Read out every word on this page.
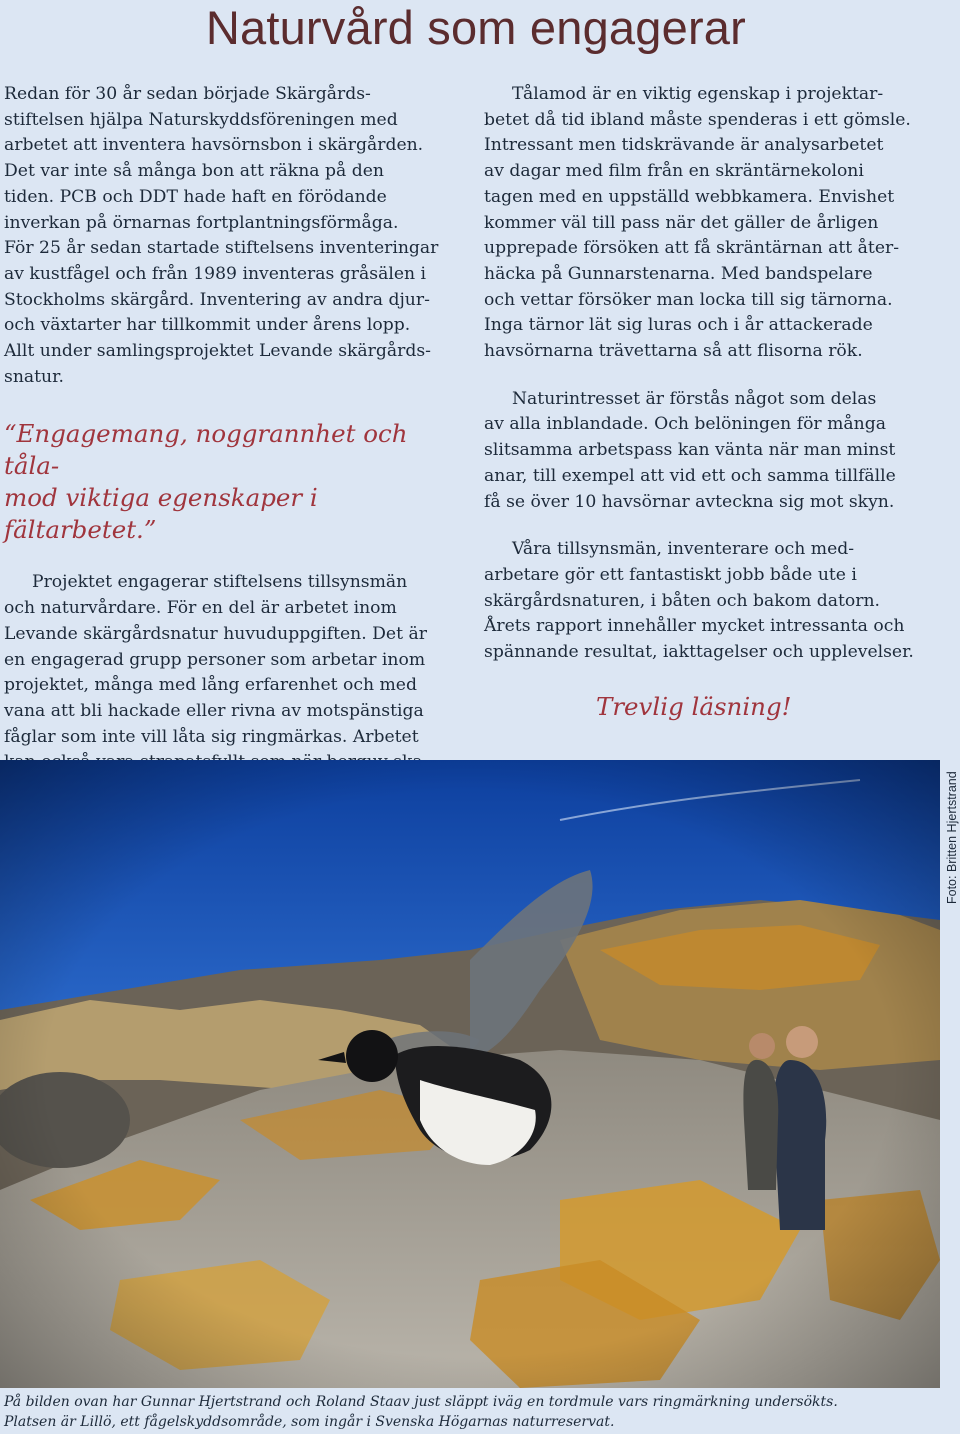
Naturvård som engagerar

Redan för 30 år sedan började Skärgårds-
stiftelsen hjälpa Naturskyddsföreningen med
arbetet att inventera havsörnsbon i skärgården.
Det var inte så många bon att räkna på den
tiden. PCB och DDT hade haft en förödande
inverkan på örnarnas fortplantningsförmåga.
För 25 år sedan startade stiftelsens inventeringar
av kustfågel och från 1989 inventeras gråsälen i
Stockholms skärgård. Inventering av andra djur-
och växtarter har tillkommit under årens lopp.
Allt under samlingsprojektet Levande skärgårds-
snatur.

“Engagemang, noggrannhet och tåla-
mod viktiga egenskaper i fältarbetet.”

Projektet engagerar stiftelsens tillsynsmän
och naturvårdare. För en del är arbetet inom
Levande skärgårdsnatur huvuduppgiften. Det är
en engagerad grupp personer som arbetar inom
projektet, många med lång erfarenhet och med
vana att bli hackade eller rivna av motspänstiga
fåglar som inte vill låta sig ringmärkas. Arbetet

Tålamod är en viktig egenskap i projektar-
betet då tid ibland måste spenderas i ett gömsle.
Intressant men tidskrävande är analysarbetet
av dagar med film från en skräntärnekoloni
tagen med en uppställd webbkamera. Envishet
kommer väl till pass när det gäller de årligen
upprepade försöken att få skräntärnan att åter-
häcka på Gunnarstenarna. Med bandspelare
och vettar försöker man locka till sig tärnorna.
Inga tärnor lät sig luras och i år attackerade
havsörnarna trävettarna så att flisorna rök.

Naturintresset är förstås något som delas
av alla inblandade. Och belöningen för många
slitsamma arbetspass kan vänta när man minst
anar, till exempel att vid ett och samma tillfälle
få se över 10 havsörnar avteckna sig mot skyn.

Våra tillsynsmän, inventerare och med-
arbetare gör ett fantastiskt jobb både ute i
skärgårdsnaturen, i båten och bakom datorn.
Årets rapport innehåller mycket intressanta och
spännande resultat, iakttagelser och upplevelser.

Trevlig läsning!

Foto: Britten Hjertstrand
På bilden ovan har Gunnar Hjertstrand och Roland Staav just släppt iväg en tordmule vars ringmärkning undersökts.
Platsen är Lillö, ett fågelskyddsområde, som ingår i Svenska Högarnas naturreservat.
